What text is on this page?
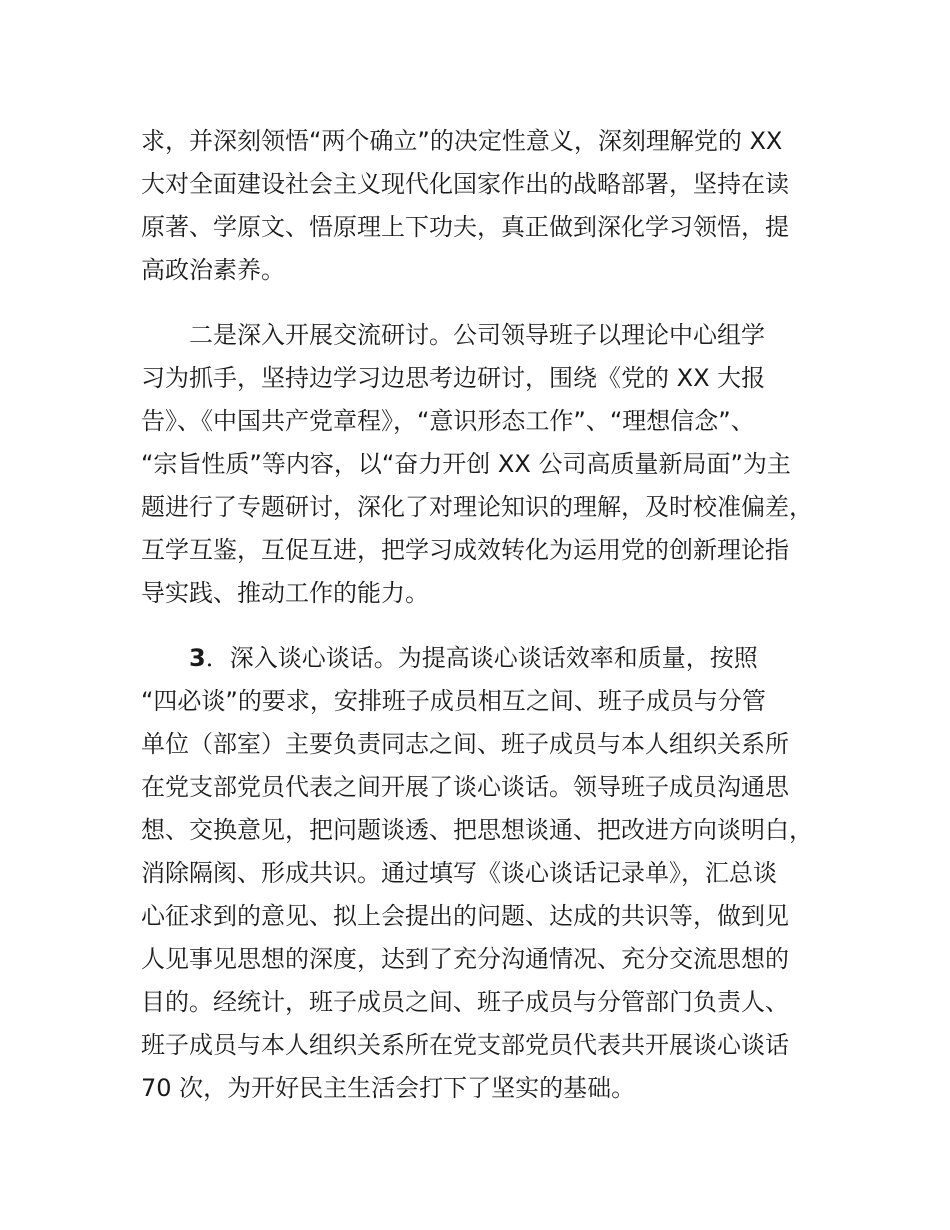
求，并深刻领悟“两个确立”的决定性意义，深刻理解党的 XX
大对全面建设社会主义现代化国家作出的战略部署，坚持在读
原著、学原文、悟原理上下功夫，真正做到深化学习领悟，提
高政治素养。

二是深入开展交流研讨。公司领导班子以理论中心组学
习为抓手，坚持边学习边思考边研讨，围绕《党的 XX 大报
告》、《中国共产党章程》，“意识形态工作”、“理想信念”、
“宗旨性质”等内容，以“奋力开创 XX 公司高质量新局面”为主
题进行了专题研讨，深化了对理论知识的理解，及时校准偏差，
互学互鉴，互促互进，把学习成效转化为运用党的创新理论指
导实践、推动工作的能力。

3．深入谈心谈话。为提高谈心谈话效率和质量，按照
“四必谈”的要求，安排班子成员相互之间、班子成员与分管
单位（部室）主要负责同志之间、班子成员与本人组织关系所
在党支部党员代表之间开展了谈心谈话。领导班子成员沟通思
想、交换意见，把问题谈透、把思想谈通、把改进方向谈明白，
消除隔阂、形成共识。通过填写《谈心谈话记录单》，汇总谈
心征求到的意见、拟上会提出的问题、达成的共识等，做到见
人见事见思想的深度，达到了充分沟通情况、充分交流思想的
目的。经统计，班子成员之间、班子成员与分管部门负责人、
班子成员与本人组织关系所在党支部党员代表共开展谈心谈话
70 次，为开好民主生活会打下了坚实的基础。
